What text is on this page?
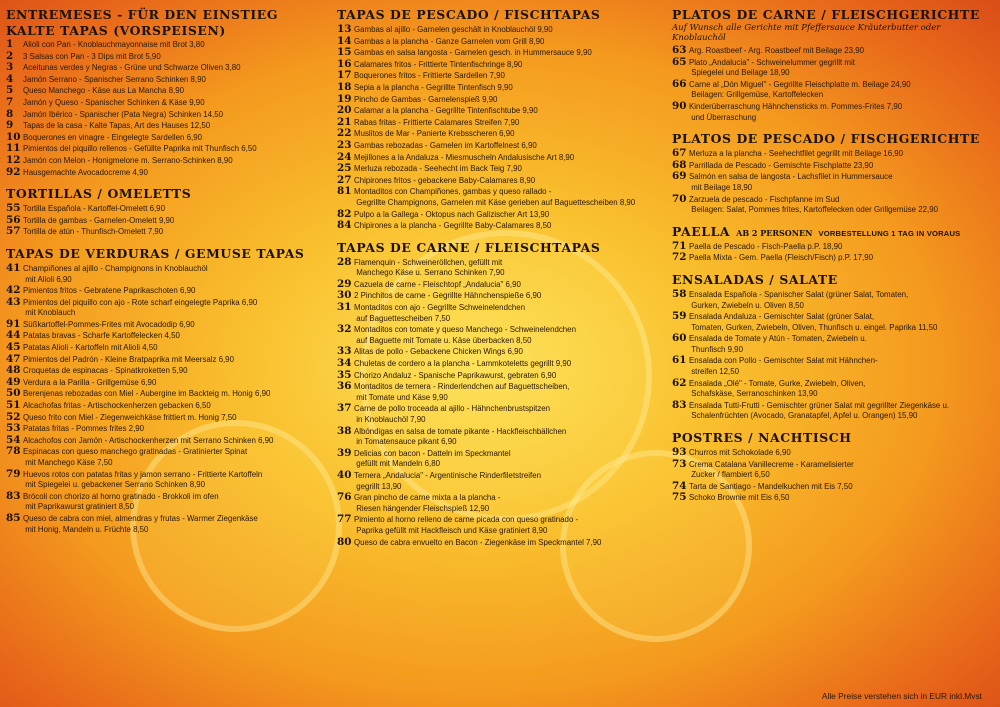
ENTREMESES - FÜR DEN EINSTIEG
KALTE TAPAS (VORSPEISEN)
1	Alioli con Pan - Knoblauchmayonnaise mit Brot 3,80
2	3 Salsas con Pan - 3 Dips mit Brot 5,90
3	Aceitunas verdes y Negras - Grüne und Schwarze Oliven 3,80
4	Jamón Serrano - Spanischer Serrano Schinken 8,90
5	Queso Manchego - Käse aus La Mancha 8,90
7	Jamón y Queso - Spanischer Schinken & Käse 9,90
8	Jamón Ibérico - Spanischer (Pata Negra) Schinken 14,50
9	Tapas de la casa - Kalte Tapas, Art des Hauses 12,50
10 Boquerones en vinagre - Eingelegte Sardellen 6,90
11 Pimientos del piquillo rellenos - Gefüllte Paprika mit Thunfisch 6,50
12 Jamón con Melon - Honigmelone m. Serrano-Schinken 8,90
92 Hausgemachte Avocadocreme 4,90
TORTILLAS / OMELETTS
55 Tortilla Española - Kartoffel-Omelett 6,90
56 Tortilla de gambas - Garnelen-Omelett 9,90
57 Tortilla de atún - Thunfisch-Omelett 7,90
TAPAS DE VERDURAS / GEMUSE TAPAS
41 Champiñones al ajillo - Champignons in Knoblauchöl
mit Alioli 6,90
42 Pimientos fritos - Gebratene Paprikaschoten 6,90
43 Pimientos del piquillo con ajo - Rote scharf eingelegte Paprika 6,90
mit Knoblauch
91 Süßkartoffel-Pommes-Frites mit Avocadodip 6,90
44 Patatas bravas - Scharfe Kartoffelecken 4,50
45 Patatas Alioli - Kartoffeln mit Alioli 4,50
47 Pimientos del Padrón - Kleine Bratpaprika mit Meersalz 6,90
48 Croquetas de espinacas - Spinatkroketten 5,90
49 Verdura a la Parilla - Grillgemüse 6,90
50 Berenjenas rebozadas con Miel - Aubergine im Backteig m. Honig 6,90
51 Alcachofas fritas - Artischockenherzen gebacken 6,50
52 Queso frito con Miel - Ziegenweichkäse frittiert m. Honig 7,50
53 Patatas fritas - Pommes frites 2,90
54 Alcachofos con Jamón - Artischockenherzen mit Serrano Schinken 6,90
78 Espinacas con queso manchego gratinadas - Gratinierter Spinat
mit Manchego Käse 7,50
79 Huevos rotos con patatas fritas y jamon serrano - Frittierte Kartoffeln
mit Spiegelei u. gebackener Serrano Schinken 8,90
83 Brócoli con chorizo al horno gratinado - Brokkoli im ofen
mit Paprikawurst gratiniert 8,50
85 Queso de cabra con miel, almendras y frutas - Warmer Ziegenkäse
mit Honig, Mandeln u. Früchte 8,50
TAPAS DE PESCADO / FISCHTAPAS
13 Gambas al ajillo - Garnelen geschält in Knoblauchöl 9,90
14 Gambas a la plancha - Ganze Garnelen vom Grill 8,90
15 Gambas en salsa langosta - Garnelen gesch. in Hummersauce 9,90
16 Calamares fritos - Frittierte Tintenfischringe 8,90
17 Boquerones fritos - Frittierte Sardellen 7,90
18 Sepia a la plancha - Gegrillte Tintenfisch 9,90
19 Pincho de Gambas - Garnelenspieß 9,90
20 Calamar a la plancha - Gegrillte Tintenfischtube 9,90
21 Rabas fritas - Frittierte Calamares Streifen 7,90
22 Muslitos de Mar - Panierte Krebsscheren 6,90
23 Gambas rebozadas - Garnelen im Kartoffelnest 6,90
24 Mejillones a la Andaluza - Miesmuscheln Andalusische Art 8,90
25 Merluza rebozada - Seehecht im Back Teig 7,90
27 Chipirones fritos - gebackene Baby-Calamares 8,90
81 Montaditos con Champiñones, gambas y queso rallado -
Gegrillte Champignons, Garnelen mit Käse gerieben auf Baguettescheiben 8,90
82 Pulpo a la Gallega - Oktopus nach Galizischer Art 13,90
84 Chipirones a la plancha - Gegrillte Baby-Calamares 8,50
TAPAS DE CARNE / FLEISCHTAPAS
28 Flamenquin - Schweineröllchen, gefüllt mit
Manchego Käse u. Serrano Schinken 7,90
29 Cazuela de carne - Fleischtopf „Andalucia" 6,90
30 2 Pinchitos de carne - Gegrillte Hähnchenspieße 6,90
31 Montaditos con ajo - Gegrillte Schweinelendchen
auf Baguettescheiben 7,50
32 Montaditos con tomate y queso Manchego - Schweinelendchen
auf Baguette mit Tomate u. Käse überbacken 8,50
33 Alitas de pollo - Gebackene Chicken Wings 6,90
34 Chuletas de cordero a la plancha - Lammkoteletts gegrillt 9,90
35 Chorizo Andaluz - Spanische Paprikawurst, gebraten 6,90
36 Montaditos de ternera - Rinderlendchen auf Baguettscheiben,
mit Tomate und Käse 9,90
37 Carne de pollo troceada al ajillo - Hähnchenbrustspitzen
in Knoblauchöl 7,90
38 Albóndigas en salsa de tomate pikante - Hackfleischbällchen
in Tomatensauce pikant 6,90
39 Delicias con bacon - Datteln im Speckmantel
gefüllt mit Mandeln 6,80
40 Ternera „Andalucia" - Argentinische Rinderfiletstreifen
gegrillt 13,90
76 Gran pincho de carne mixta a la plancha -
Riesen hängender Fleischspieß 12,90
77 Pimiento al horno relleno de carne picada con queso gratinado -
Paprika gefüllt mit Hackfleisch und Käse gratiniert 8,90
80 Queso de cabra envuelto en Bacon - Ziegenkäse im Speckmantel 7,90
PLATOS DE CARNE / FLEISCHGERICHTE
Auf Wunsch alle Gerichte mit Pfeffersauce Kräuterbutter oder Knoblauchöl
63 Arg. Roastbeef - Arg. Roastbeef mit Beilage 23,90
65 Plato „Andalucia" - Schweinelummer gegrillt mit
Spiegelei und Beilage 18,90
66 Carne al „Dón Miguel" - Gegrillte Fleischplatte m. Beilage 24,90
Beilagen: Grillgemüse, Kartoffelecken
90 Kinderüberraschung Hähnchensticks m. Pommes-Frites 7,90
und Überraschung
PLATOS DE PESCADO / FISCHGERICHTE
67 Merluza a la plancha - Seehechtfilet gegrillt mit Beilage 16,90
68 Parrillada de Pescado - Gemischte Fischplatte 23,90
69 Salmón en salsa de langosta - Lachsfilet in Hummersauce
mit Beilage 18,90
70 Zarzuela de pescado - Fischpfanne im Sud
Beilagen: Salat, Pommes frites, Kartoffelecken oder Grillgemüse 22,90
PAELLA AB 2 PERSONEN VORBESTELLUNG 1 TAG IN VORAUS
71 Paella de Pescado - Fisch-Paella p.P. 18,90
72 Paella Mixta - Gem. Paella (Fleisch/Fisch) p.P. 17,90
ENSALADAS / SALATE
58 Ensalada Española - Spanischer Salat (grüner Salat, Tomaten,
Gurken, Zwiebeln u. Oliven 8,50
59 Ensalada Andaluza - Gemischter Salat (grüner Salat,
Tomaten, Gurken, Zwiebeln, Oliven, Thunfisch u. eingel. Paprika 11,50
60 Ensalada de Tomate y Atún - Tomaten, Zwiebeln u.
Thunfisch 9,90
61 Ensalada con Pollo - Gemischter Salat mit Hähnchen-
streifen 12,50
62 Ensalada „Olé" - Tomate, Gurke, Zwiebeln, Oliven,
Schafskäse, Serranoschinken 13,90
83 Ensalada Tutti-Frutti - Gemischter grüner Salat mit gegrillter Ziegenkäse u.
Schalenfrüchten (Avocado, Granatapfel, Apfel u. Orangen) 15,90
POSTRES / NACHTISCH
93 Churros mit Schokolade 6,90
73 Crema Catalana Vanillecreme - Karamelisierter
Zucker / flambiert 6,50
74 Tarta de Santiago - Mandelkuchen mit Eis 7,50
75 Schoko Brownie mit Eis 6,50
Alle Preise verstehen sich in EUR inkl.Mvst
